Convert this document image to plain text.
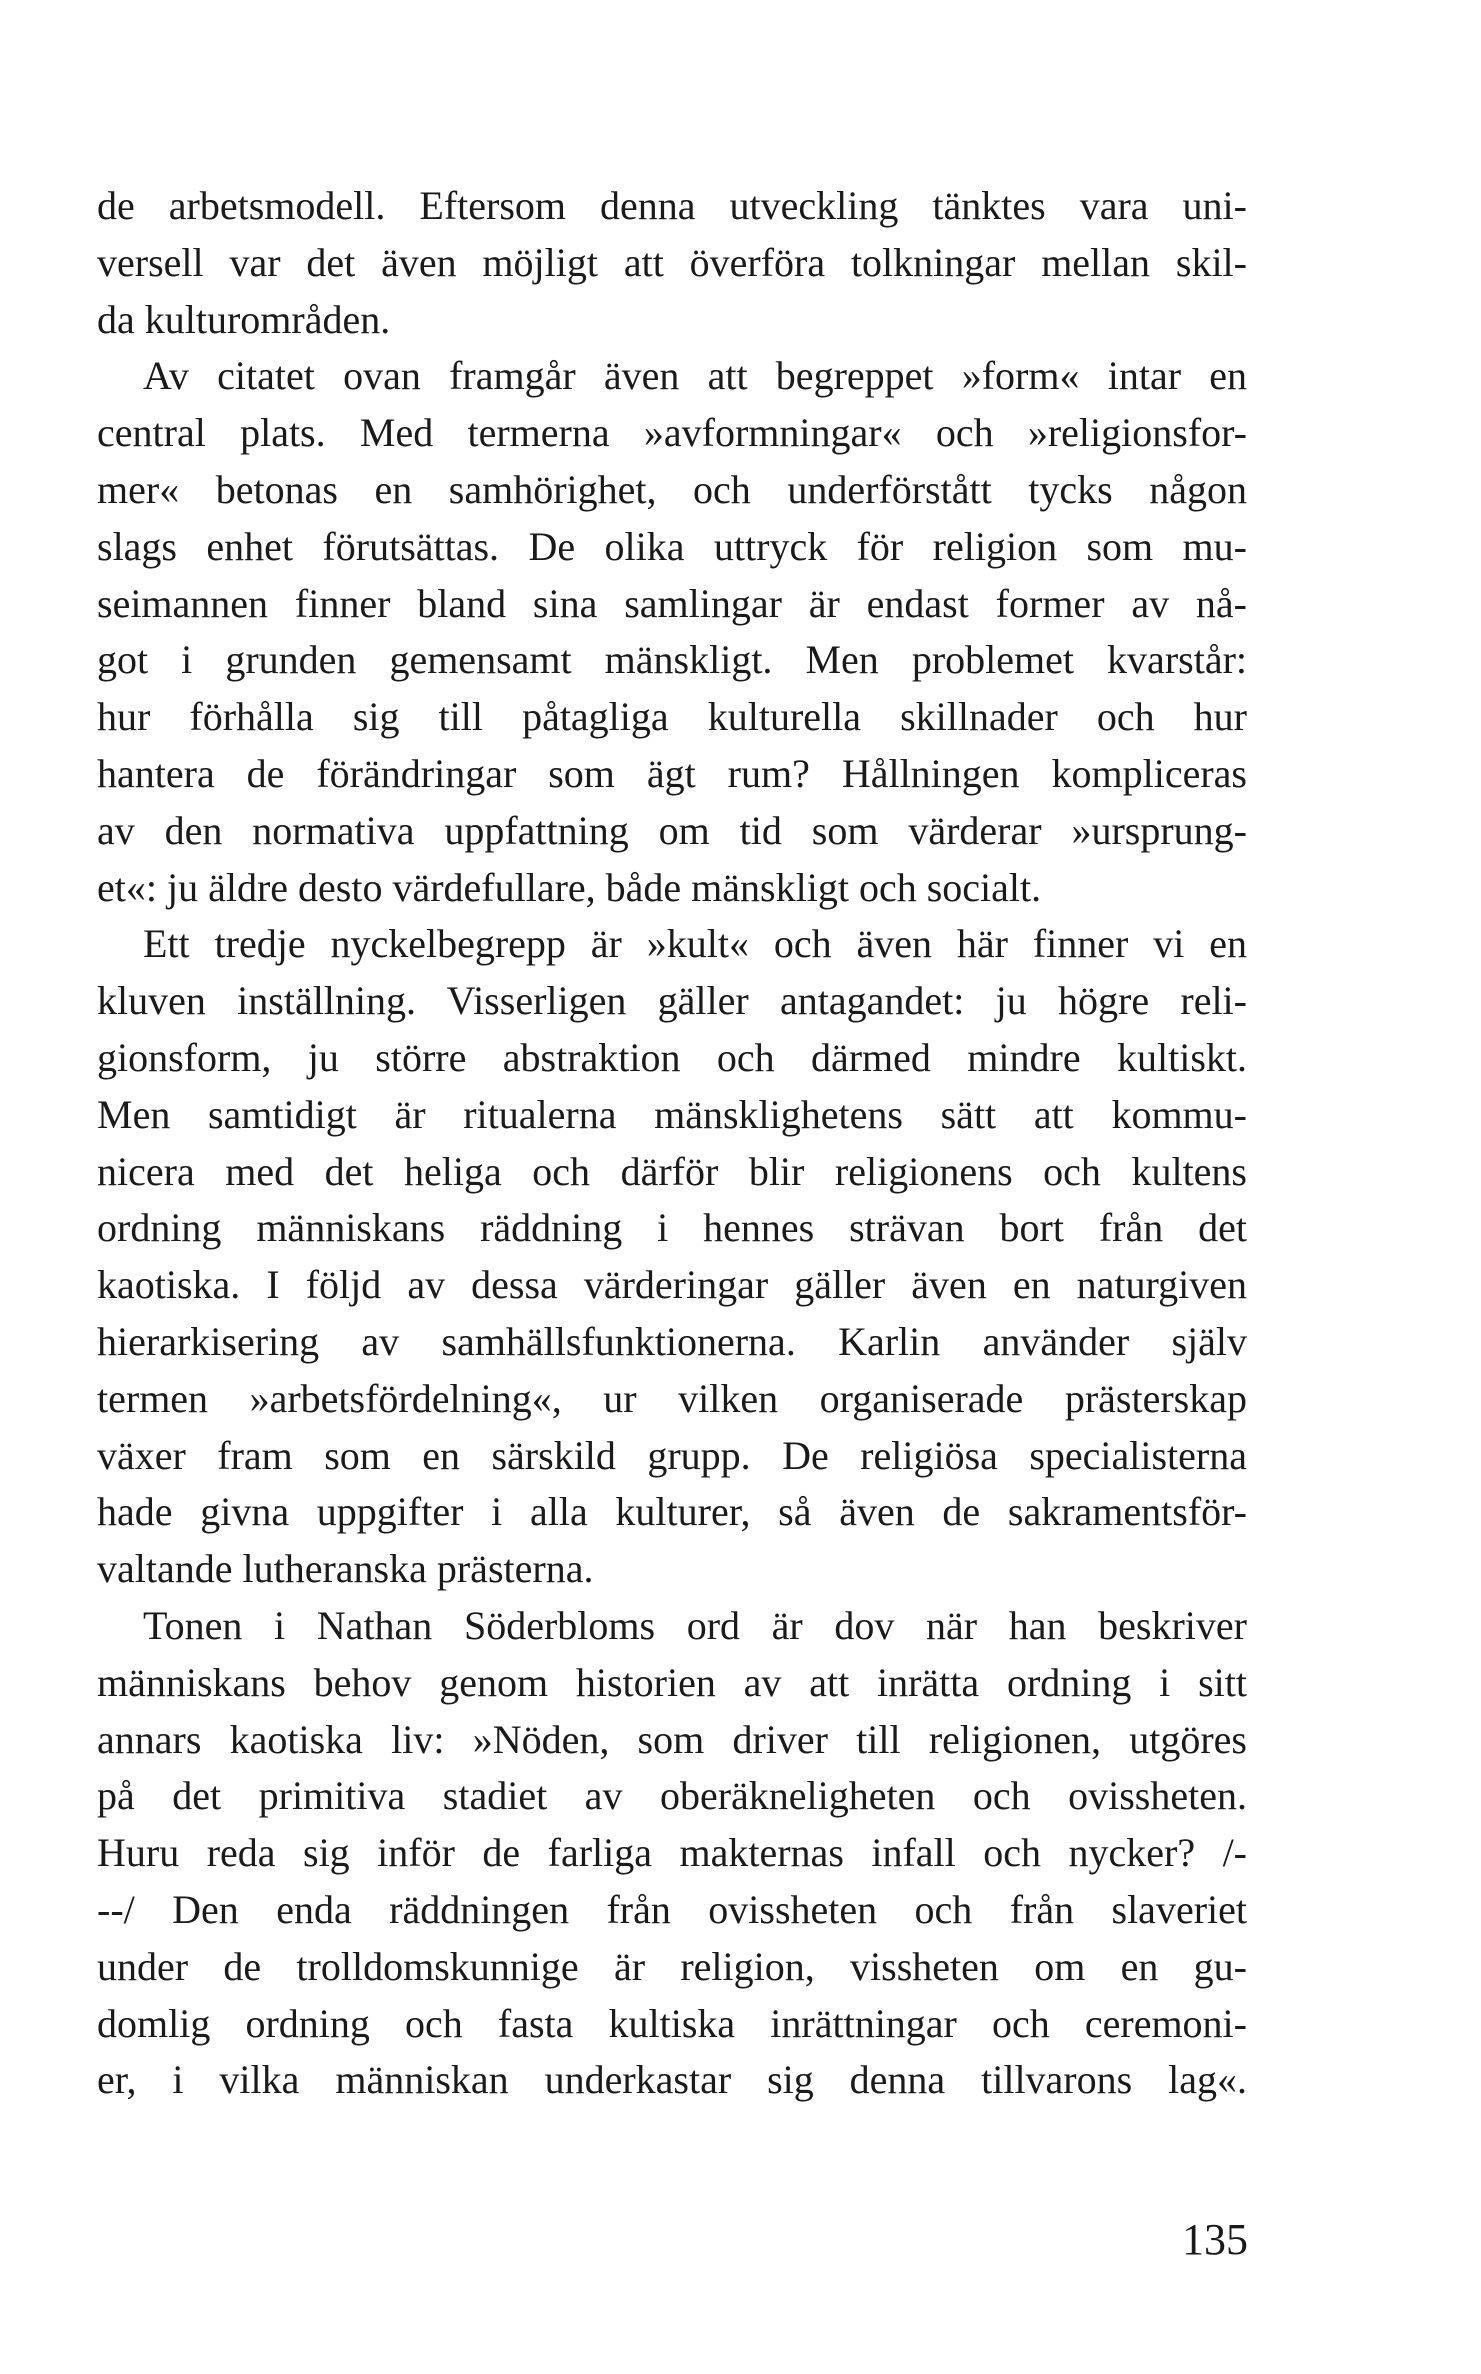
de arbetsmodell. Eftersom denna utveckling tänktes vara uni-
versell var det även möjligt att överföra tolkningar mellan skil-
da kulturområden.
Av citatet ovan framgår även att begreppet »form« intar en
central plats. Med termerna »avformningar« och »religionsfor-
mer« betonas en samhörighet, och underförstått tycks någon
slags enhet förutsättas. De olika uttryck för religion som mu-
seimannen finner bland sina samlingar är endast former av nå-
got i grunden gemensamt mänskligt. Men problemet kvarstår:
hur förhålla sig till påtagliga kulturella skillnader och hur
hantera de förändringar som ägt rum? Hållningen kompliceras
av den normativa uppfattning om tid som värderar »ursprung-
et«: ju äldre desto värdefullare, både mänskligt och socialt.
Ett tredje nyckelbegrepp är »kult« och även här finner vi en
kluven inställning. Visserligen gäller antagandet: ju högre reli-
gionsform, ju större abstraktion och därmed mindre kultiskt.
Men samtidigt är ritualerna mänsklighetens sätt att kommu-
nicera med det heliga och därför blir religionens och kultens
ordning människans räddning i hennes strävan bort från det
kaotiska. I följd av dessa värderingar gäller även en naturgiven
hierarkisering av samhällsfunktionerna. Karlin använder själv
termen »arbetsfördelning«, ur vilken organiserade prästerskap
växer fram som en särskild grupp. De religiösa specialisterna
hade givna uppgifter i alla kulturer, så även de sakramentsför-
valtande lutheranska prästerna.
Tonen i Nathan Söderbloms ord är dov när han beskriver
människans behov genom historien av att inrätta ordning i sitt
annars kaotiska liv: »Nöden, som driver till religionen, utgöres
på det primitiva stadiet av oberäkneligheten och ovissheten.
Huru reda sig inför de farliga makternas infall och nycker? /-
--/ Den enda räddningen från ovissheten och från slaveriet
under de trolldomskunnige är religion, vissheten om en gu-
domlig ordning och fasta kultiska inrättningar och ceremoni-
er, i vilka människan underkastar sig denna tillvarons lag«.
135
